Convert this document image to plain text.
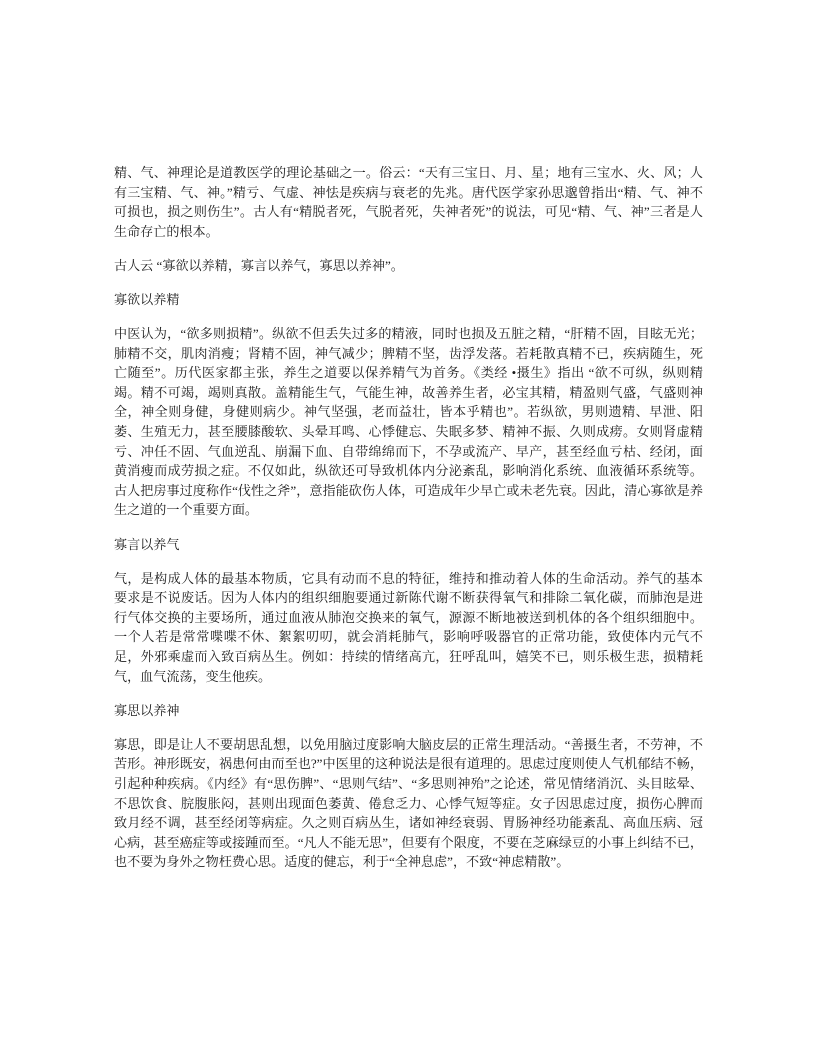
精、气、神理论是道教医学的理论基础之一。俗云：“天有三宝日、月、星；地有三宝水、火、风；人有三宝精、气、神。”精亏、气虚、神怯是疾病与衰老的先兆。唐代医学家孙思邈曾指出“精、气、神不可损也，损之则伤生”。古人有“精脱者死，气脱者死，失神者死”的说法，可见“精、气、神”三者是人生命存亡的根本。

古人云 “寡欲以养精，寡言以养气，寡思以养神”。

寡欲以养精

中医认为，“欲多则损精”。纵欲不但丢失过多的精液，同时也损及五脏之精，“肝精不固，目眩无光；肺精不交，肌肉消瘦；肾精不固，神气减少；脾精不坚，齿浮发落。若耗散真精不已，疾病随生，死亡随至”。历代医家都主张，养生之道要以保养精气为首务。《类经 •摄生》指出 “欲不可纵，纵则精竭。精不可竭，竭则真散。盖精能生气，气能生神，故善养生者，必宝其精，精盈则气盛，气盛则神全，神全则身健，身健则病少。神气坚强，老而益壮，皆本乎精也”。若纵欲，男则遗精、早泄、阳萎、生殖无力，甚至腰膝酸软、头晕耳鸣、心悸健忘、失眠多梦、精神不振、久则成痨。女则肾虚精亏、冲任不固、气血逆乱、崩漏下血、自带绵绵而下，不孕或流产、早产，甚至经血亏枯、经闭，面黄消瘦而成劳损之症。不仅如此，纵欲还可导致机体内分泌紊乱，影响消化系统、血液循环系统等。古人把房事过度称作“伐性之斧”，意指能砍伤人体，可造成年少早亡或未老先衰。因此，清心寡欲是养生之道的一个重要方面。

寡言以养气

气，是构成人体的最基本物质，它具有动而不息的特征，维持和推动着人体的生命活动。养气的基本要求是不说废话。因为人体内的组织细胞要通过新陈代谢不断获得氧气和排除二氧化碳，而肺泡是进行气体交换的主要场所，通过血液从肺泡交换来的氧气，源源不断地被送到机体的各个组织细胞中。一个人若是常常喋喋不休、絮絮叨叨，就会消耗肺气，影响呼吸器官的正常功能，致使体内元气不足，外邪乘虚而入致百病丛生。例如：持续的情绪高亢，狂呼乱叫，嬉笑不已，则乐极生悲，损精耗气，血气流荡，变生他疾。

寡思以养神

寡思，即是让人不要胡思乱想，以免用脑过度影响大脑皮层的正常生理活动。“善摄生者，不劳神，不苦形。神形既安，祸患何由而至也?”中医里的这种说法是很有道理的。思虑过度则使人气机郁结不畅，引起种种疾病。《内经》有“思伤脾”、“思则气结”、“多思则神殆”之论述，常见情绪消沉、头目眩晕、不思饮食、脘腹胀闷，甚则出现面色萎黄、倦怠乏力、心悸气短等症。女子因思虑过度，损伤心脾而致月经不调，甚至经闭等病症。久之则百病丛生，诸如神经衰弱、胃肠神经功能紊乱、高血压病、冠心病，甚至癌症等或接踵而至。“凡人不能无思”，但要有个限度，不要在芝麻绿豆的小事上纠结不已，也不要为身外之物枉费心思。适度的健忘，利于“全神息虑”，不致“神虑精散”。
